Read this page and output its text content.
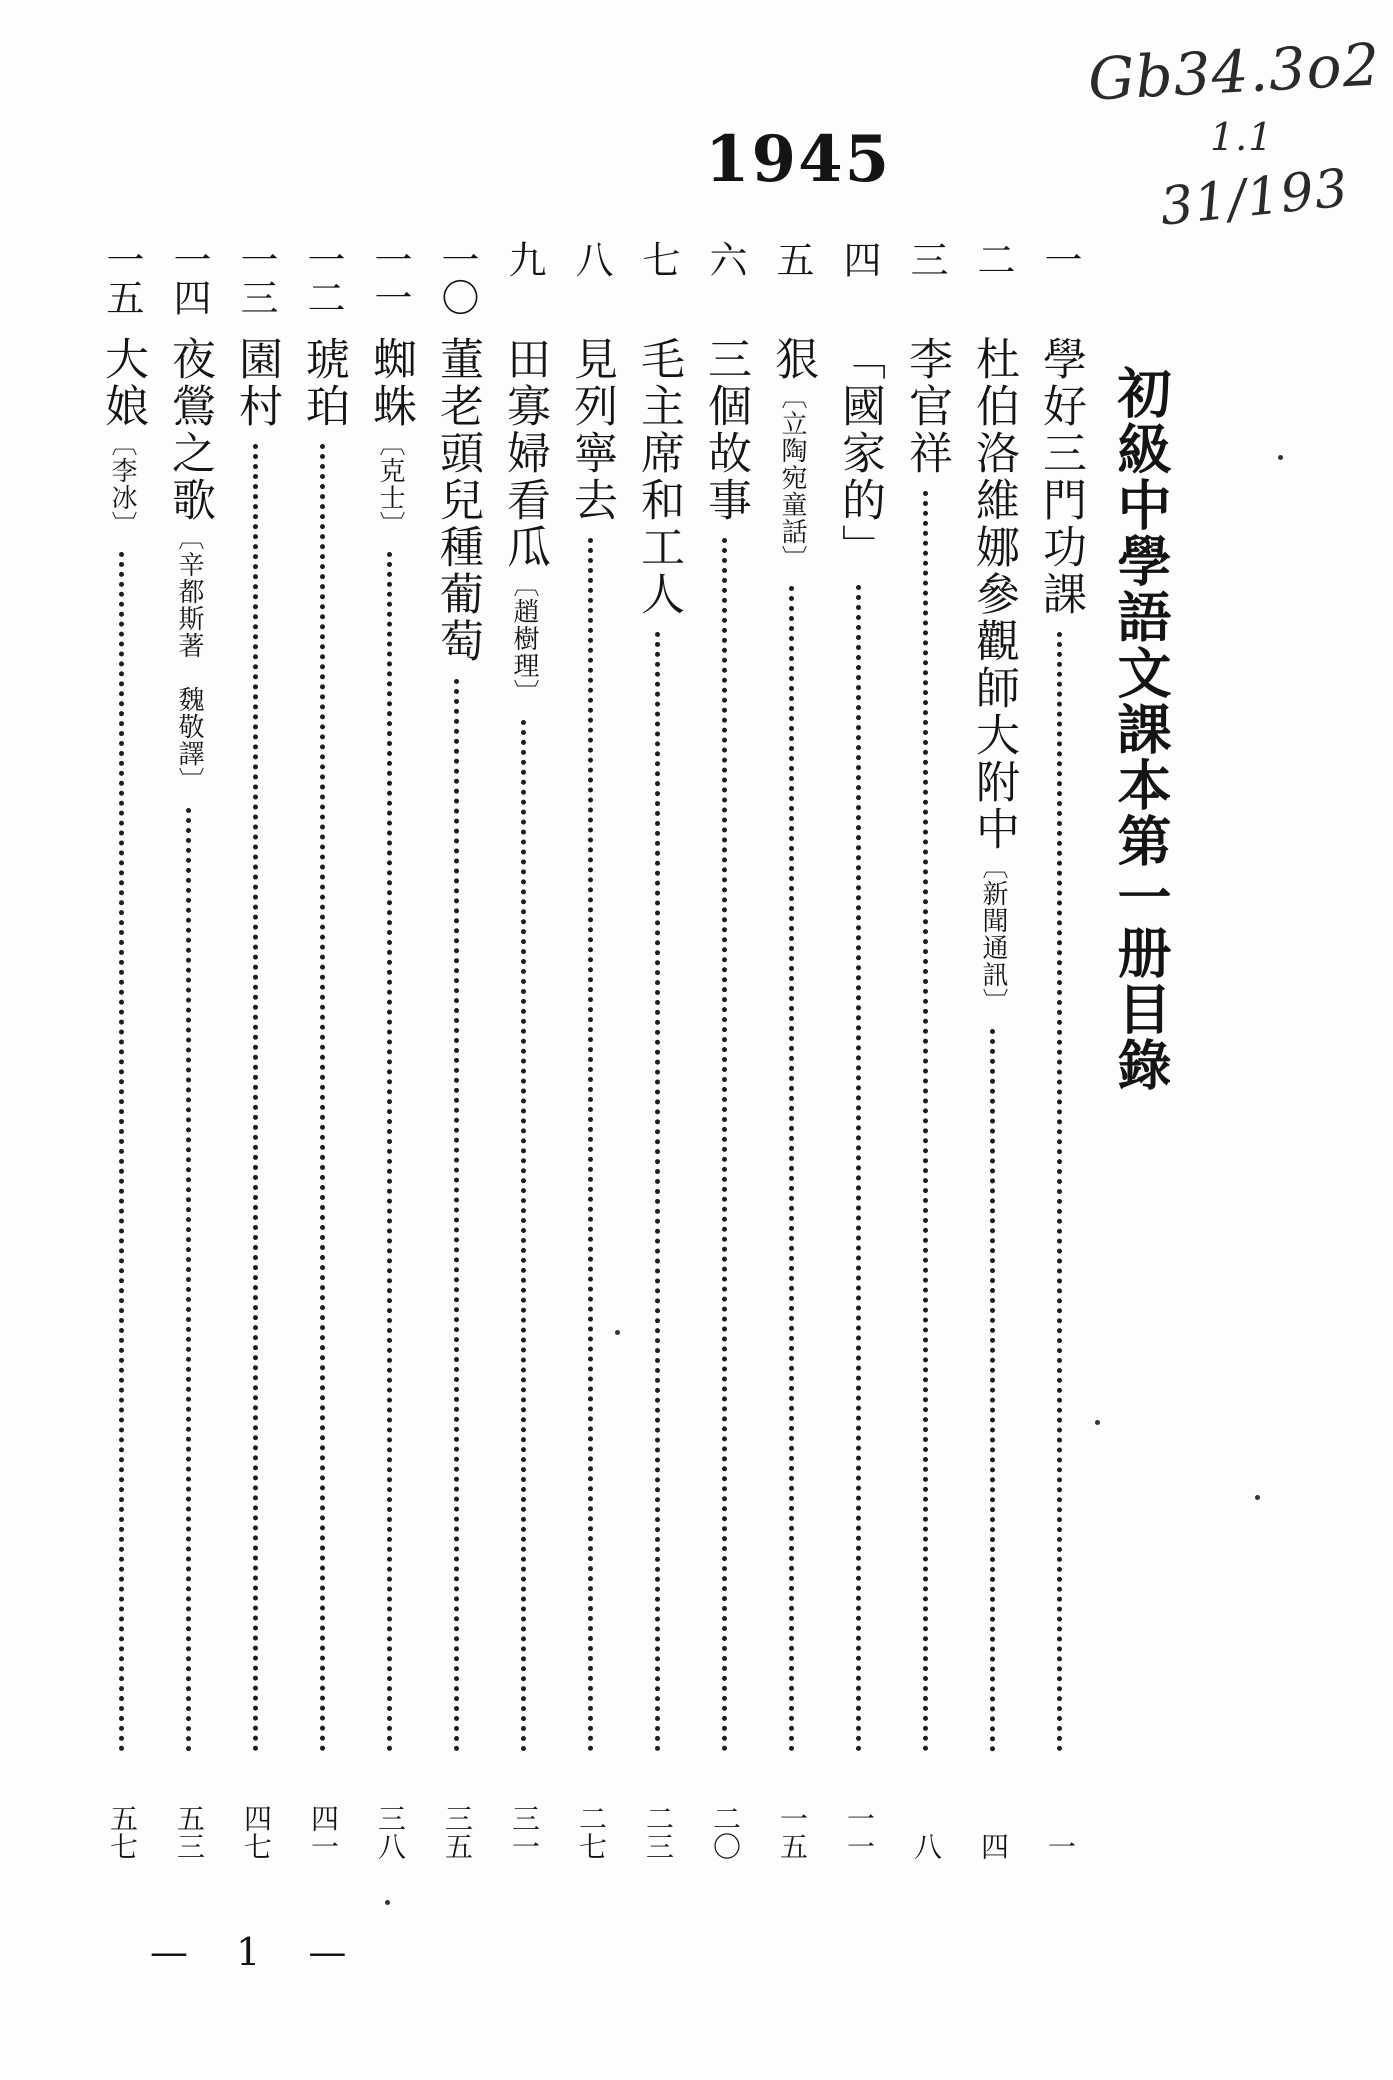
Gb34.3o2
1.1
31/193
1945
初級中學語文課本第一册目錄
一
學好三門功課
一
二
杜伯洛維娜參觀師大附中〔新聞通訊〕
四
三
李官祥
八
四
「國家的」
一一
五
狠〔立陶宛童話〕
一五
六
三個故事
二〇
七
毛主席和工人
二三
八
見列寧去
二七
九
田寡婦看瓜〔趙樹理〕
三一
一〇
董老頭兒種葡萄
三五
一一
蜘蛛〔克士〕
三八
一二
琥珀
四一
一三
園村
四七
一四
夜鶯之歌〔辛都斯著　魏敬譯〕
五三
一五
大娘〔李冰〕
五七
— 1 —
